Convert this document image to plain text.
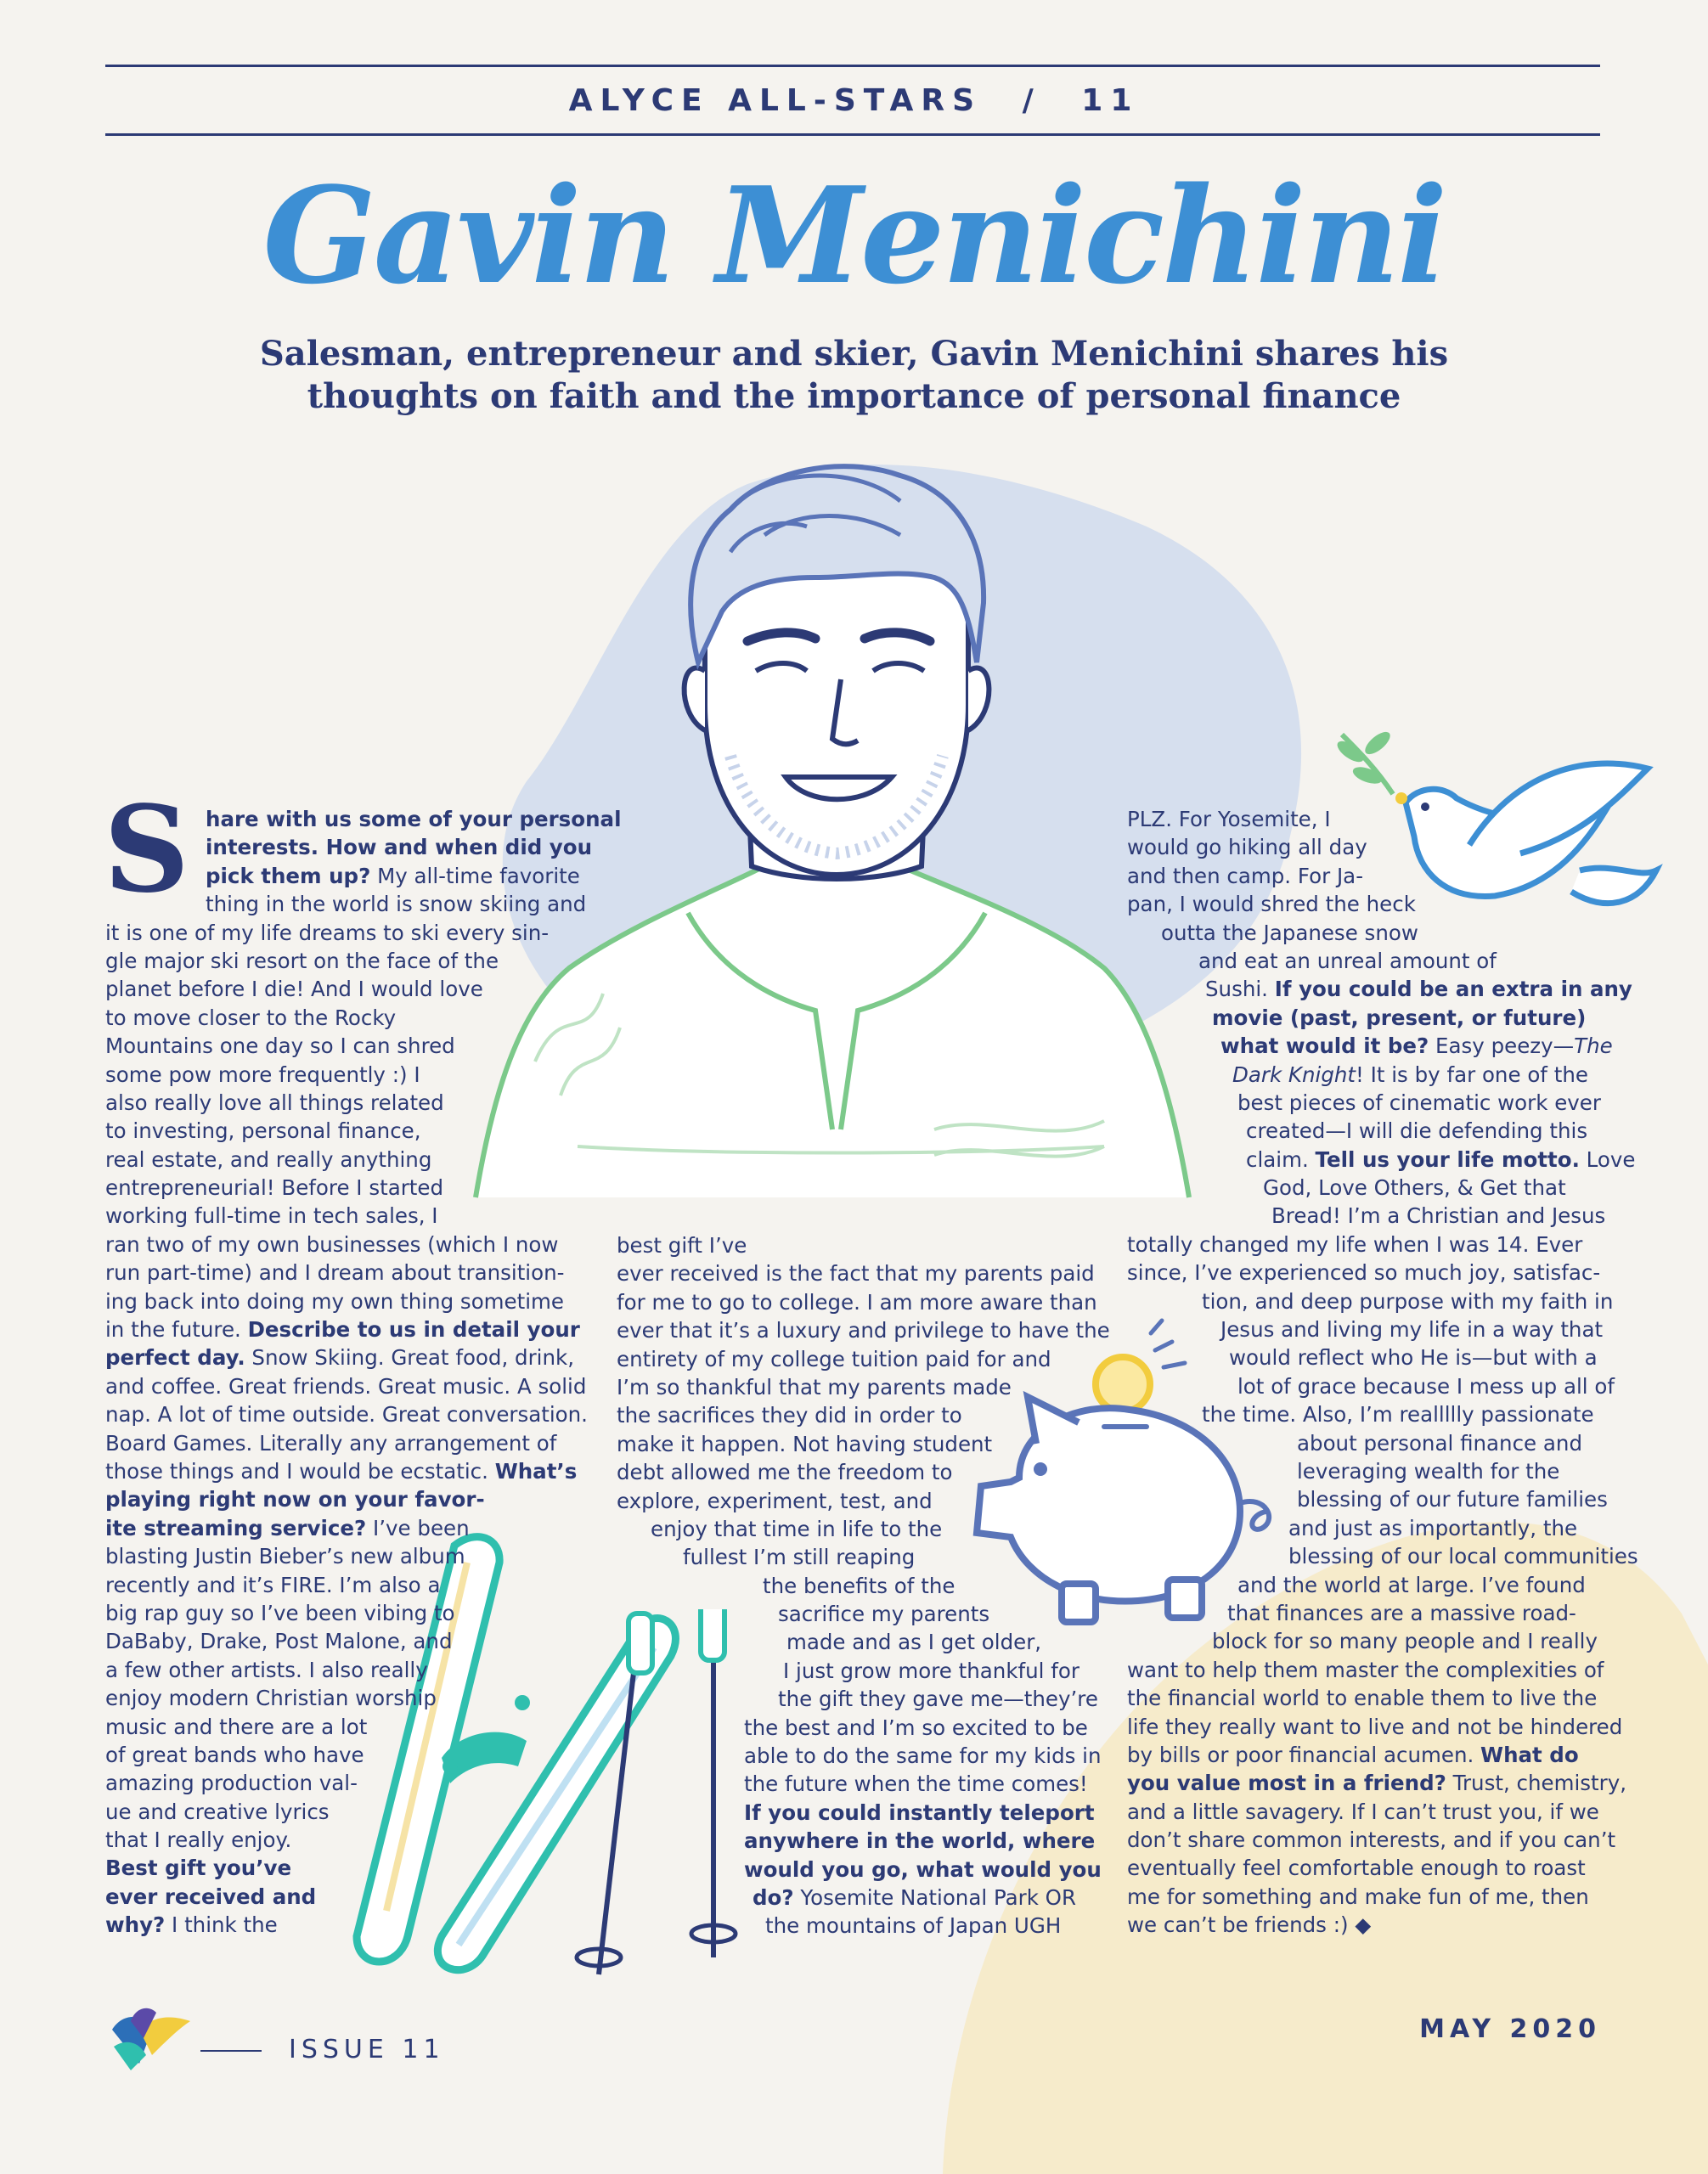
ALYCE ALL-STARS / 11
Gavin Menichini
Salesman, entrepreneur and skier, Gavin Menichini shares his
thoughts on faith and the importance of personal finance
S hare with us some of your personal
interests. How and when did you
pick them up? My all-time favorite
thing in the world is snow skiing and
it is one of my life dreams to ski every sin-
gle major ski resort on the face of the
planet before I die! And I would love
to move closer to the Rocky
Mountains one day so I can shred
some pow more frequently :) I
also really love all things related
to investing, personal finance,
real estate, and really anything
entrepreneurial! Before I started
working full-time in tech sales, I
ran two of my own businesses (which I now
run part-time) and I dream about transition-
ing back into doing my own thing sometime
in the future. Describe to us in detail your
perfect day. Snow Skiing. Great food, drink,
and coffee. Great friends. Great music. A solid
nap. A lot of time outside. Great conversation.
Board Games. Literally any arrangement of
those things and I would be ecstatic. What’s
playing right now on your favor-
ite streaming service? I’ve been
blasting Justin Bieber’s new album
recently and it’s FIRE. I’m also a
big rap guy so I’ve been vibing to
DaBaby, Drake, Post Malone, and
a few other artists. I also really
enjoy modern Christian worship
music and there are a lot
of great bands who have
amazing production val-
ue and creative lyrics
that I really enjoy.
Best gift you’ve
ever received and
why? I think the
best gift I’ve
ever received is the fact that my parents paid
for me to go to college. I am more aware than
ever that it’s a luxury and privilege to have the
entirety of my college tuition paid for and
I’m so thankful that my parents made
the sacrifices they did in order to
make it happen. Not having student
debt allowed me the freedom to
explore, experiment, test, and
enjoy that time in life to the
fullest I’m still reaping
the benefits of the
sacrifice my parents
made and as I get older,
I just grow more thankful for
the gift they gave me—they’re
the best and I’m so excited to be
able to do the same for my kids in
the future when the time comes!
If you could instantly teleport
anywhere in the world, where
would you go, what would you
do? Yosemite National Park OR
the mountains of Japan UGH
PLZ. For Yosemite, I
would go hiking all day
and then camp. For Ja-
pan, I would shred the heck
outta the Japanese snow
and eat an unreal amount of
Sushi. If you could be an extra in any
movie (past, present, or future)
what would it be? Easy peezy—The
Dark Knight! It is by far one of the
best pieces of cinematic work ever
created—I will die defending this
claim. Tell us your life motto. Love
God, Love Others, & Get that
Bread! I’m a Christian and Jesus
totally changed my life when I was 14. Ever
since, I’ve experienced so much joy, satisfac-
tion, and deep purpose with my faith in
Jesus and living my life in a way that
would reflect who He is—but with a
lot of grace because I mess up all of
the time. Also, I’m reallllly passionate
about personal finance and
leveraging wealth for the
blessing of our future families
and just as importantly, the
blessing of our local communities
and the world at large. I’ve found
that finances are a massive road-
block for so many people and I really
want to help them master the complexities of
the financial world to enable them to live the
life they really want to live and not be hindered
by bills or poor financial acumen. What do
you value most in a friend? Trust, chemistry,
and a little savagery. If I can’t trust you, if we
don’t share common interests, and if you can’t
eventually feel comfortable enough to roast
me for something and make fun of me, then
we can’t be friends :) ◆
ISSUE 11
MAY 2020
